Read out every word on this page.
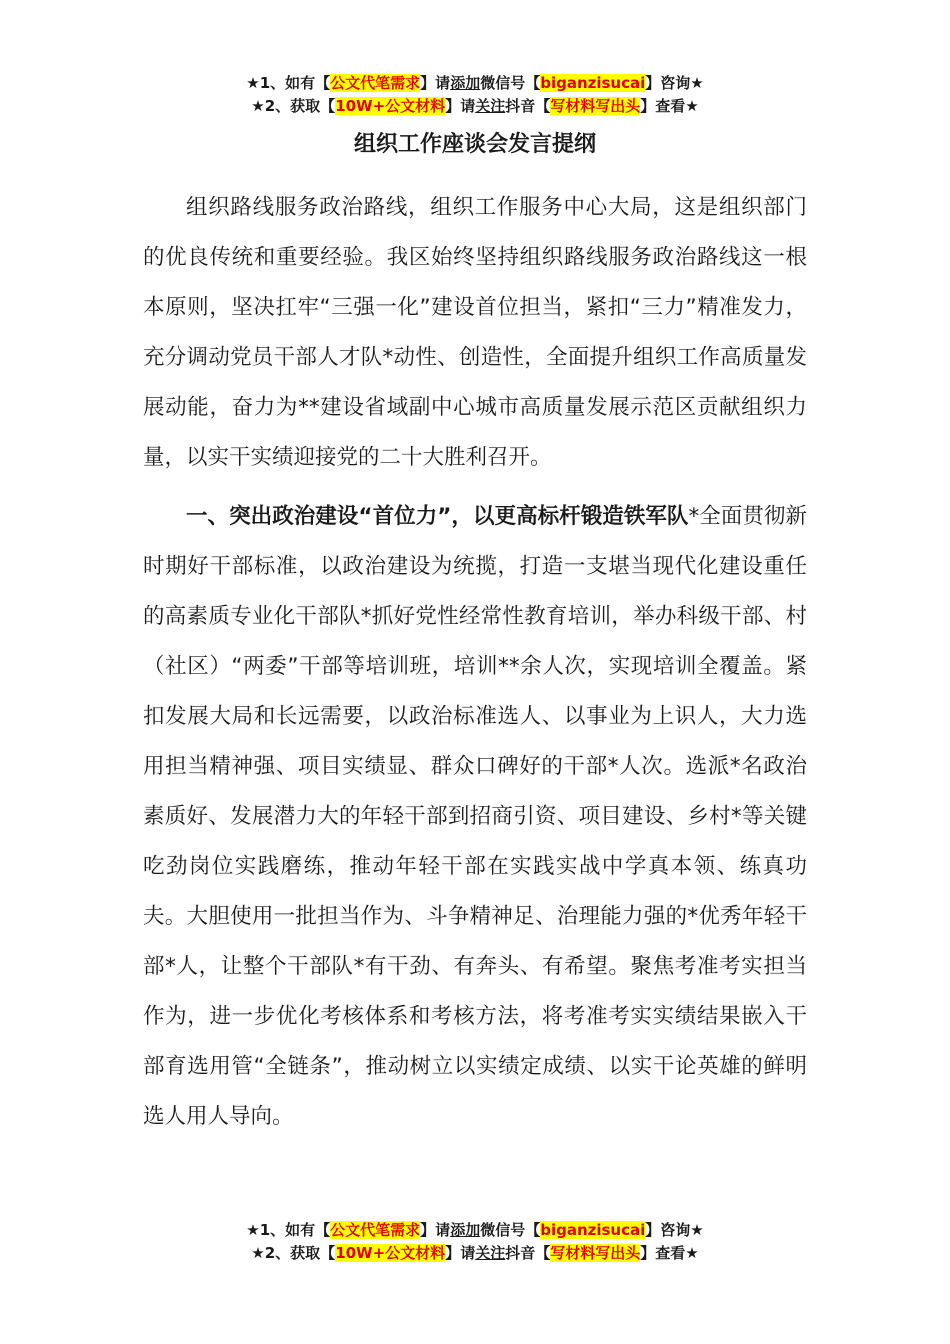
★1、如有【公文代笔需求】请添加微信号【biganzisucai】咨询★
★2、获取【10W+公文材料】请关注抖音【写材料写出头】查看★
组织工作座谈会发言提纲

组织路线服务政治路线，组织工作服务中心大局，这是组织部门的优良传统和重要经验。我区始终坚持组织路线服务政治路线这一根本原则，坚决扛牢“三强一化”建设首位担当，紧扣“三力”精准发力，充分调动党员干部人才队*动性、创造性，全面提升组织工作高质量发展动能，奋力为**建设省域副中心城市高质量发展示范区贡献组织力量，以实干实绩迎接党的二十大胜利召开。

一、突出政治建设“首位力”，以更高标杆锻造铁军队*全面贯彻新时期好干部标准，以政治建设为统揽，打造一支堪当现代化建设重任的高素质专业化干部队*抓好党性经常性教育培训，举办科级干部、村（社区）“两委”干部等培训班，培训**余人次，实现培训全覆盖。紧扣发展大局和长远需要，以政治标准选人、以事业为上识人，大力选用担当精神强、项目实绩显、群众口碑好的干部*人次。选派*名政治素质好、发展潜力大的年轻干部到招商引资、项目建设、乡村*等关键吃劲岗位实践磨练，推动年轻干部在实践实战中学真本领、练真功夫。大胆使用一批担当作为、斗争精神足、治理能力强的*优秀年轻干部*人，让整个干部队*有干劲、有奔头、有希望。聚焦考准考实担当作为，进一步优化考核体系和考核方法，将考准考实实绩结果嵌入干部育选用管“全链条”，推动树立以实绩定成绩、以实干论英雄的鲜明选人用人导向。

★1、如有【公文代笔需求】请添加微信号【biganzisucai】咨询★
★2、获取【10W+公文材料】请关注抖音【写材料写出头】查看★
